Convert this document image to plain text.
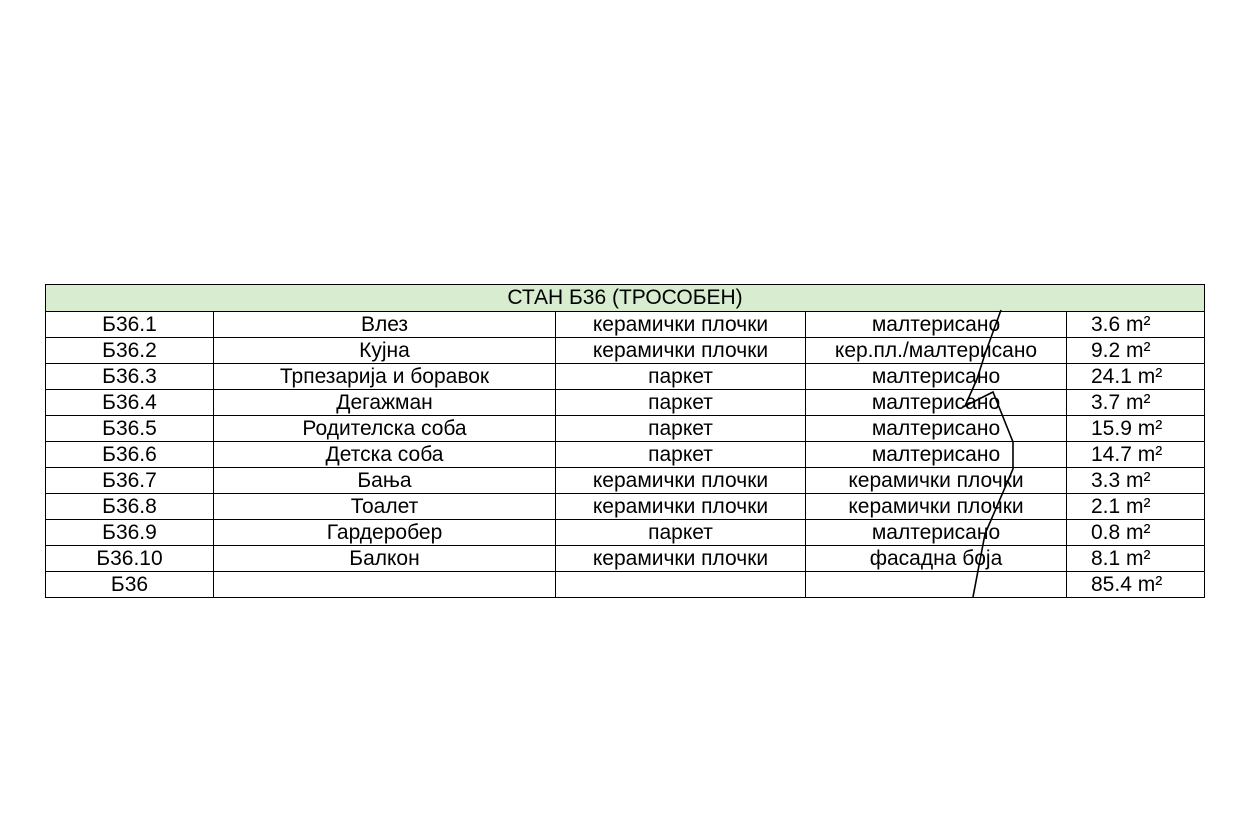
СТАН Б36 (ТРОСОБЕН)				
Б36.1	Влез	керамички плочки	малтерисано	3.6 m²
Б36.2	Кујна	керамички плочки	кер.пл./малтерисано	9.2 m²
Б36.3	Трпезарија и боравок	паркет	малтерисано	24.1 m²
Б36.4	Дегажман	паркет	малтерисано	3.7 m²
Б36.5	Родителска соба	паркет	малтерисано	15.9 m²
Б36.6	Детска соба	паркет	малтерисано	14.7 m²
Б36.7	Бања	керамички плочки	керамички плочки	3.3 m²
Б36.8	Тоалет	керамички плочки	керамички плочки	2.1 m²
Б36.9	Гардеробер	паркет	малтерисано	0.8 m²
Б36.10	Балкон	керамички плочки	фасадна боја	8.1 m²
Б36				85.4 m²
